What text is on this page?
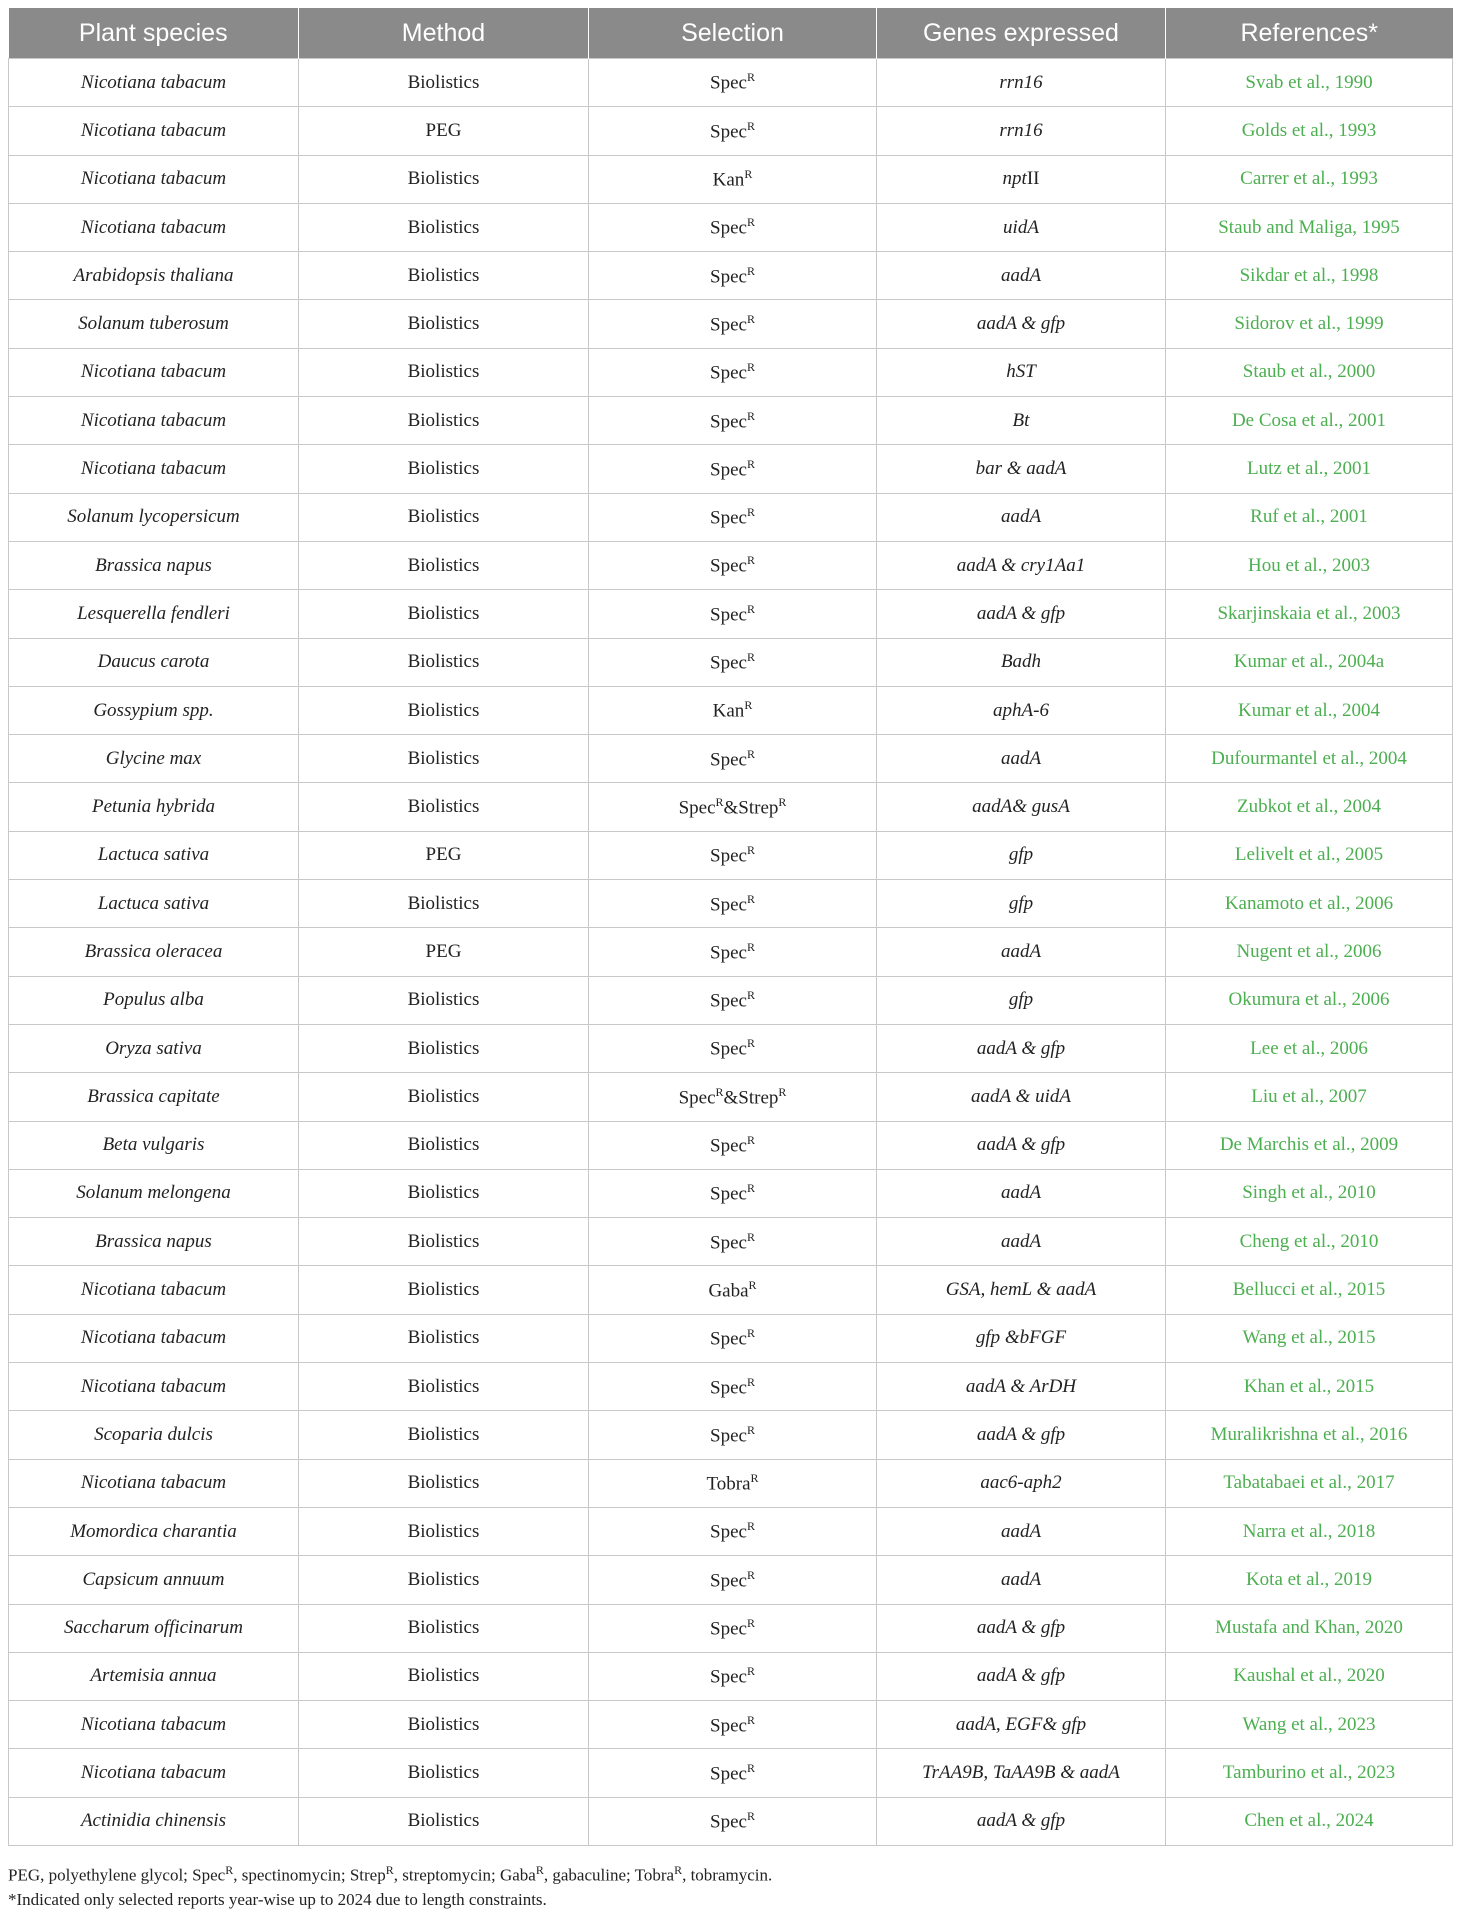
Plant species	Method	Selection	Genes expressed	References*
Nicotiana tabacum	Biolistics	Spec$^R$	rrn16	Svab et al., 1990
Nicotiana tabacum	PEG	Spec$^R$	rrn16	Golds et al., 1993
Nicotiana tabacum	Biolistics	Kan$^R$	nptII	Carrer et al., 1993
Nicotiana tabacum	Biolistics	Spec$^R$	uidA	Staub and Maliga, 1995
Arabidopsis thaliana	Biolistics	Spec$^R$	aadA	Sikdar et al., 1998
Solanum tuberosum	Biolistics	Spec$^R$	aadA & gfp	Sidorov et al., 1999
Nicotiana tabacum	Biolistics	Spec$^R$	hST	Staub et al., 2000
Nicotiana tabacum	Biolistics	Spec$^R$	Bt	De Cosa et al., 2001
Nicotiana tabacum	Biolistics	Spec$^R$	bar & aadA	Lutz et al., 2001
Solanum lycopersicum	Biolistics	Spec$^R$	aadA	Ruf et al., 2001
Brassica napus	Biolistics	Spec$^R$	aadA & cry1Aa1	Hou et al., 2003
Lesquerella fendleri	Biolistics	Spec$^R$	aadA & gfp	Skarjinskaia et al., 2003
Daucus carota	Biolistics	Spec$^R$	Badh	Kumar et al., 2004a
Gossypium spp.	Biolistics	Kan$^R$	aphA-6	Kumar et al., 2004
Glycine max	Biolistics	Spec$^R$	aadA	Dufourmantel et al., 2004
Petunia hybrida	Biolistics	Spec$^R$&Strep$^R$	aadA& gusA	Zubkot et al., 2004
Lactuca sativa	PEG	Spec$^R$	gfp	Lelivelt et al., 2005
Lactuca sativa	Biolistics	Spec$^R$	gfp	Kanamoto et al., 2006
Brassica oleracea	PEG	Spec$^R$	aadA	Nugent et al., 2006
Populus alba	Biolistics	Spec$^R$	gfp	Okumura et al., 2006
Oryza sativa	Biolistics	Spec$^R$	aadA & gfp	Lee et al., 2006
Brassica capitate	Biolistics	Spec$^R$&Strep$^R$	aadA & uidA	Liu et al., 2007
Beta vulgaris	Biolistics	Spec$^R$	aadA & gfp	De Marchis et al., 2009
Solanum melongena	Biolistics	Spec$^R$	aadA	Singh et al., 2010
Brassica napus	Biolistics	Spec$^R$	aadA	Cheng et al., 2010
Nicotiana tabacum	Biolistics	Gaba$^R$	GSA, hemL & aadA	Bellucci et al., 2015
Nicotiana tabacum	Biolistics	Spec$^R$	gfp &bFGF	Wang et al., 2015
Nicotiana tabacum	Biolistics	Spec$^R$	aadA & ArDH	Khan et al., 2015
Scoparia dulcis	Biolistics	Spec$^R$	aadA & gfp	Muralikrishna et al., 2016
Nicotiana tabacum	Biolistics	Tobra$^R$	aac6-aph2	Tabatabaei et al., 2017
Momordica charantia	Biolistics	Spec$^R$	aadA	Narra et al., 2018
Capsicum annuum	Biolistics	Spec$^R$	aadA	Kota et al., 2019
Saccharum officinarum	Biolistics	Spec$^R$	aadA & gfp	Mustafa and Khan, 2020
Artemisia annua	Biolistics	Spec$^R$	aadA & gfp	Kaushal et al., 2020
Nicotiana tabacum	Biolistics	Spec$^R$	aadA, EGF& gfp	Wang et al., 2023
Nicotiana tabacum	Biolistics	Spec$^R$	TrAA9B, TaAA9B & aadA	Tamburino et al., 2023
Actinidia chinensis	Biolistics	Spec$^R$	aadA & gfp	Chen et al., 2024

PEG, polyethylene glycol; Spec$^R$, spectinomycin; Strep$^R$, streptomycin; Gaba$^R$, gabaculine; Tobra$^R$, tobramycin.

*Indicated only selected reports year-wise up to 2024 due to length constraints.
